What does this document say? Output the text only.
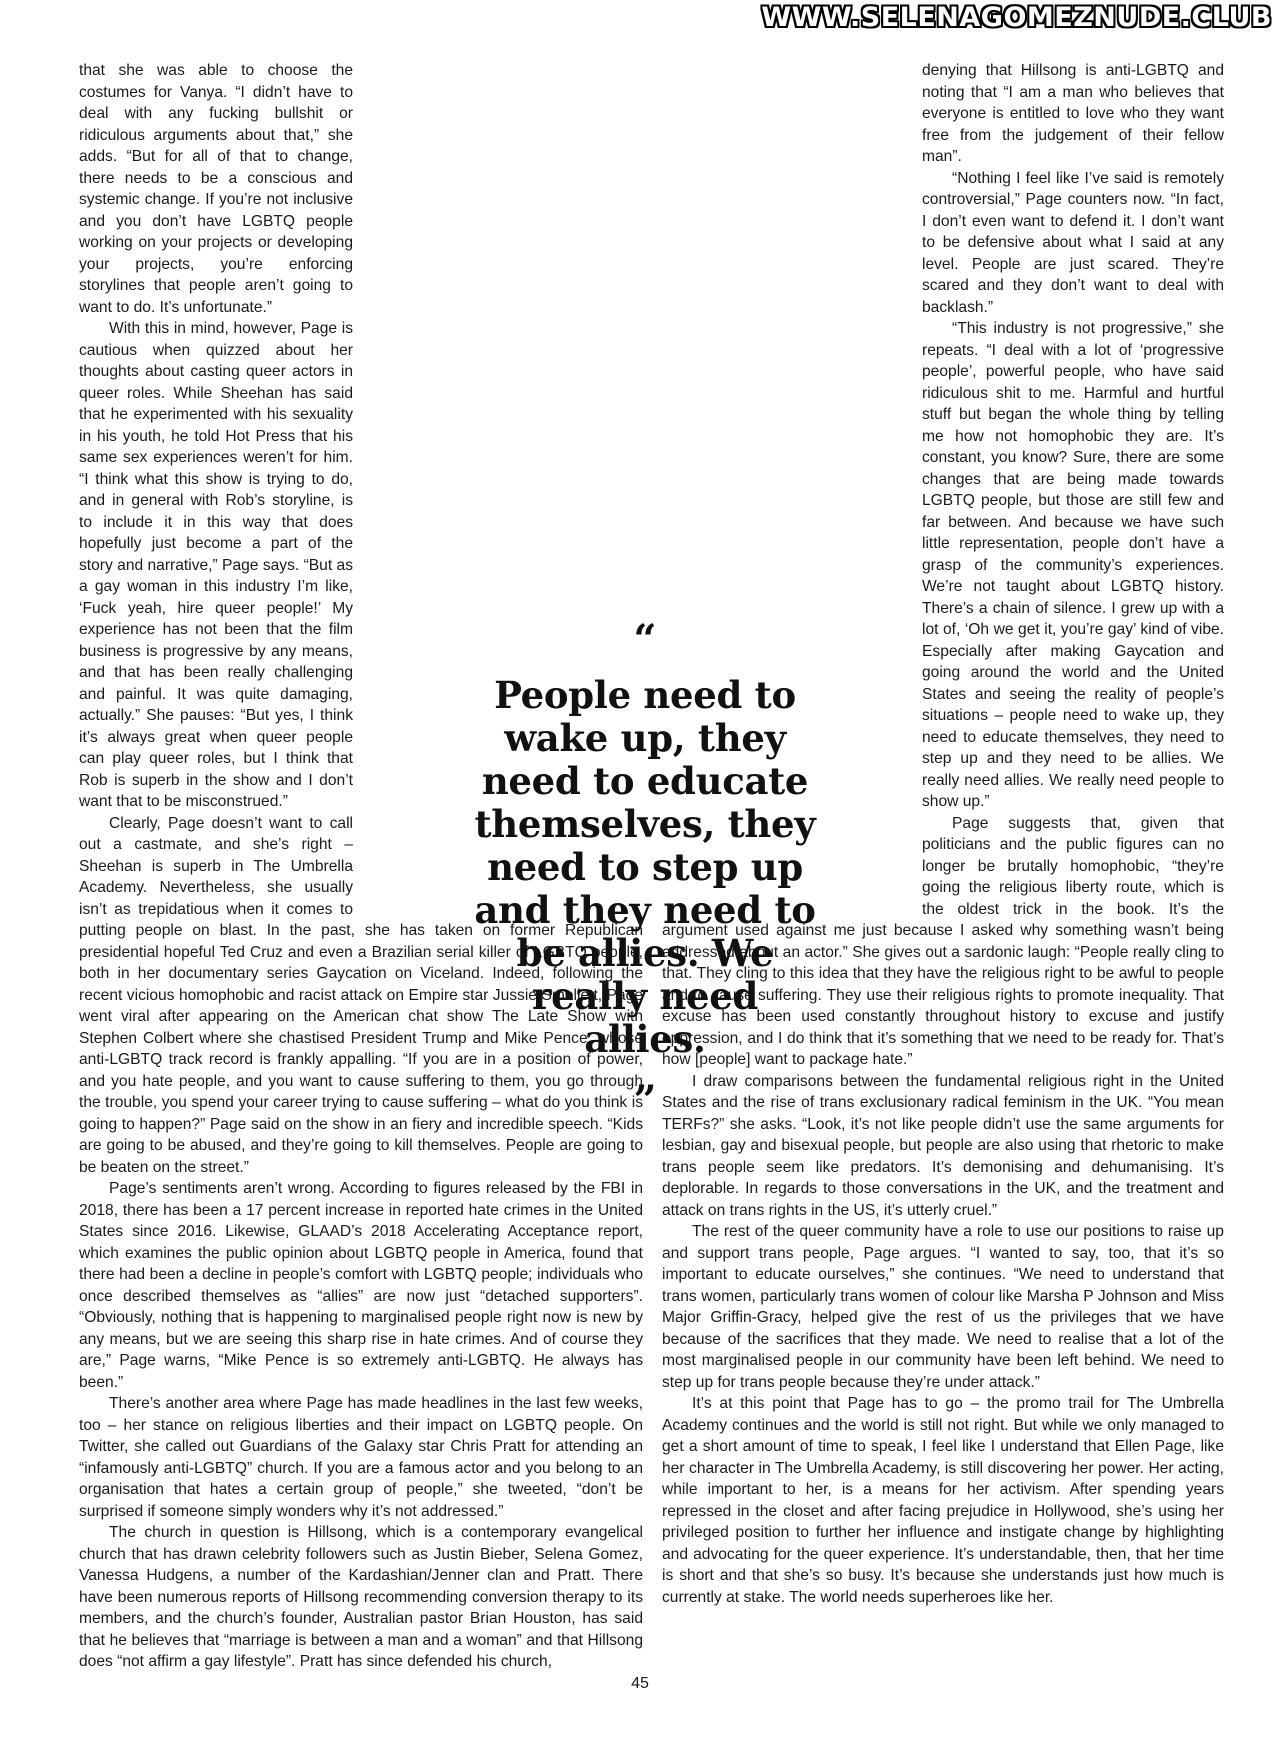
WWW.SELENAGOMEZNUDE.CLUB

that she was able to choose the costumes for Vanya. “I didn’t have to deal with any fucking bullshit or ridiculous arguments about that,” she adds. “But for all of that to change, there needs to be a conscious and systemic change. If you’re not inclusive and you don’t have LGBTQ people working on your projects or developing your projects, you’re enforcing storylines that people aren’t going to want to do. It’s unfortunate.”

With this in mind, however, Page is cautious when quizzed about her thoughts about casting queer actors in queer roles. While Sheehan has said that he experimented with his sexuality in his youth, he told Hot Press that his same sex experiences weren’t for him. “I think what this show is trying to do, and in general with Rob’s storyline, is to include it in this way that does hopefully just become a part of the story and narrative,” Page says. “But as a gay woman in this industry I’m like, ‘Fuck yeah, hire queer people!’ My experience has not been that the film business is progressive by any means, and that has been really challenging and painful. It was quite damaging, actually.” She pauses: “But yes, I think it’s always great when queer people can play queer roles, but I think that Rob is superb in the show and I don’t want that to be misconstrued.”

Clearly, Page doesn’t want to call out a castmate, and she’s right – Sheehan is superb in The Umbrella Academy. Nevertheless, she usually isn’t as trepidatious when it comes to putting people on blast. In the past, she has taken on former Republican presidential hopeful Ted Cruz and even a Brazilian serial killer of LGBTQ people, both in her documentary series Gaycation on Viceland. Indeed, following the recent vicious homophobic and racist attack on Empire star Jussie Smollett, Page went viral after appearing on the American chat show The Late Show with Stephen Colbert where she chastised President Trump and Mike Pence, whose anti-LGBTQ track record is frankly appalling. “If you are in a position of power, and you hate people, and you want to cause suffering to them, you go through the trouble, you spend your career trying to cause suffering – what do you think is going to happen?” Page said on the show in an fiery and incredible speech. “Kids are going to be abused, and they’re going to kill themselves. People are going to be beaten on the street.”

Page’s sentiments aren’t wrong. According to figures released by the FBI in 2018, there has been a 17 percent increase in reported hate crimes in the United States since 2016. Likewise, GLAAD’s 2018 Accelerating Acceptance report, which examines the public opinion about LGBTQ people in America, found that there had been a decline in people’s comfort with LGBTQ people; individuals who once described themselves as “allies” are now just “detached supporters”. “Obviously, nothing that is happening to marginalised people right now is new by any means, but we are seeing this sharp rise in hate crimes. And of course they are,” Page warns, “Mike Pence is so extremely anti-LGBTQ. He always has been.”

There’s another area where Page has made headlines in the last few weeks, too – her stance on religious liberties and their impact on LGBTQ people. On Twitter, she called out Guardians of the Galaxy star Chris Pratt for attending an “infamously anti-LGBTQ” church. If you are a famous actor and you belong to an organisation that hates a certain group of people,” she tweeted, “don’t be surprised if someone simply wonders why it’s not addressed.”

The church in question is Hillsong, which is a contemporary evangelical church that has drawn celebrity followers such as Justin Bieber, Selena Gomez, Vanessa Hudgens, a number of the Kardashian/Jenner clan and Pratt. There have been numerous reports of Hillsong recommending conversion therapy to its members, and the church’s founder, Australian pastor Brian Houston, has said that he believes that “marriage is between a man and a woman” and that Hillsong does “not affirm a gay lifestyle”. Pratt has since defended his church,

denying that Hillsong is anti-LGBTQ and noting that “I am a man who believes that everyone is entitled to love who they want free from the judgement of their fellow man”.

“Nothing I feel like I’ve said is remotely controversial,” Page counters now. “In fact, I don’t even want to defend it. I don’t want to be defensive about what I said at any level. People are just scared. They’re scared and they don’t want to deal with backlash.”

“This industry is not progressive,” she repeats. “I deal with a lot of ‘progressive people’, powerful people, who have said ridiculous shit to me. Harmful and hurtful stuff but began the whole thing by telling me how not homophobic they are. It’s constant, you know? Sure, there are some changes that are being made towards LGBTQ people, but those are still few and far between. And because we have such little representation, people don’t have a grasp of the community’s experiences. We’re not taught about LGBTQ history. There’s a chain of silence. I grew up with a lot of, ‘Oh we get it, you’re gay’ kind of vibe. Especially after making Gaycation and going around the world and the United States and seeing the reality of people’s situations – people need to wake up, they need to educate themselves, they need to step up and they need to be allies. We really need allies. We really need people to show up.”

Page suggests that, given that politicians and the public figures can no longer be brutally homophobic, “they’re going the religious liberty route, which is the oldest trick in the book. It’s the argument used against me just because I asked why something wasn’t being addressed about an actor.” She gives out a sardonic laugh: “People really cling to that. They cling to this idea that they have the religious right to be awful to people and to cause suffering. They use their religious rights to promote inequality. That excuse has been used constantly throughout history to excuse and justify oppression, and I do think that it’s something that we need to be ready for. That’s how [people] want to package hate.”

I draw comparisons between the fundamental religious right in the United States and the rise of trans exclusionary radical feminism in the UK. “You mean TERFs?” she asks. “Look, it’s not like people didn’t use the same arguments for lesbian, gay and bisexual people, but people are also using that rhetoric to make trans people seem like predators. It’s demonising and dehumanising. It’s deplorable. In regards to those conversations in the UK, and the treatment and attack on trans rights in the US, it’s utterly cruel.”

The rest of the queer community have a role to use our positions to raise up and support trans people, Page argues. “I wanted to say, too, that it’s so important to educate ourselves,” she continues. “We need to understand that trans women, particularly trans women of colour like Marsha P Johnson and Miss Major Griffin-Gracy, helped give the rest of us the privileges that we have because of the sacrifices that they made. We need to realise that a lot of the most marginalised people in our community have been left behind. We need to step up for trans people because they’re under attack.”

It’s at this point that Page has to go – the promo trail for The Umbrella Academy continues and the world is still not right. But while we only managed to get a short amount of time to speak, I feel like I understand that Ellen Page, like her character in The Umbrella Academy, is still discovering her power. Her acting, while important to her, is a means for her activism. After spending years repressed in the closet and after facing prejudice in Hollywood, she’s using her privileged position to further her influence and instigate change by highlighting and advocating for the queer experience. It’s understandable, then, that her time is short and that she’s so busy. It’s because she understands just how much is currently at stake. The world needs superheroes like her.

“
People need to wake up, they need to educate themselves, they need to step up and they need to be allies. We really need allies.
”
45
